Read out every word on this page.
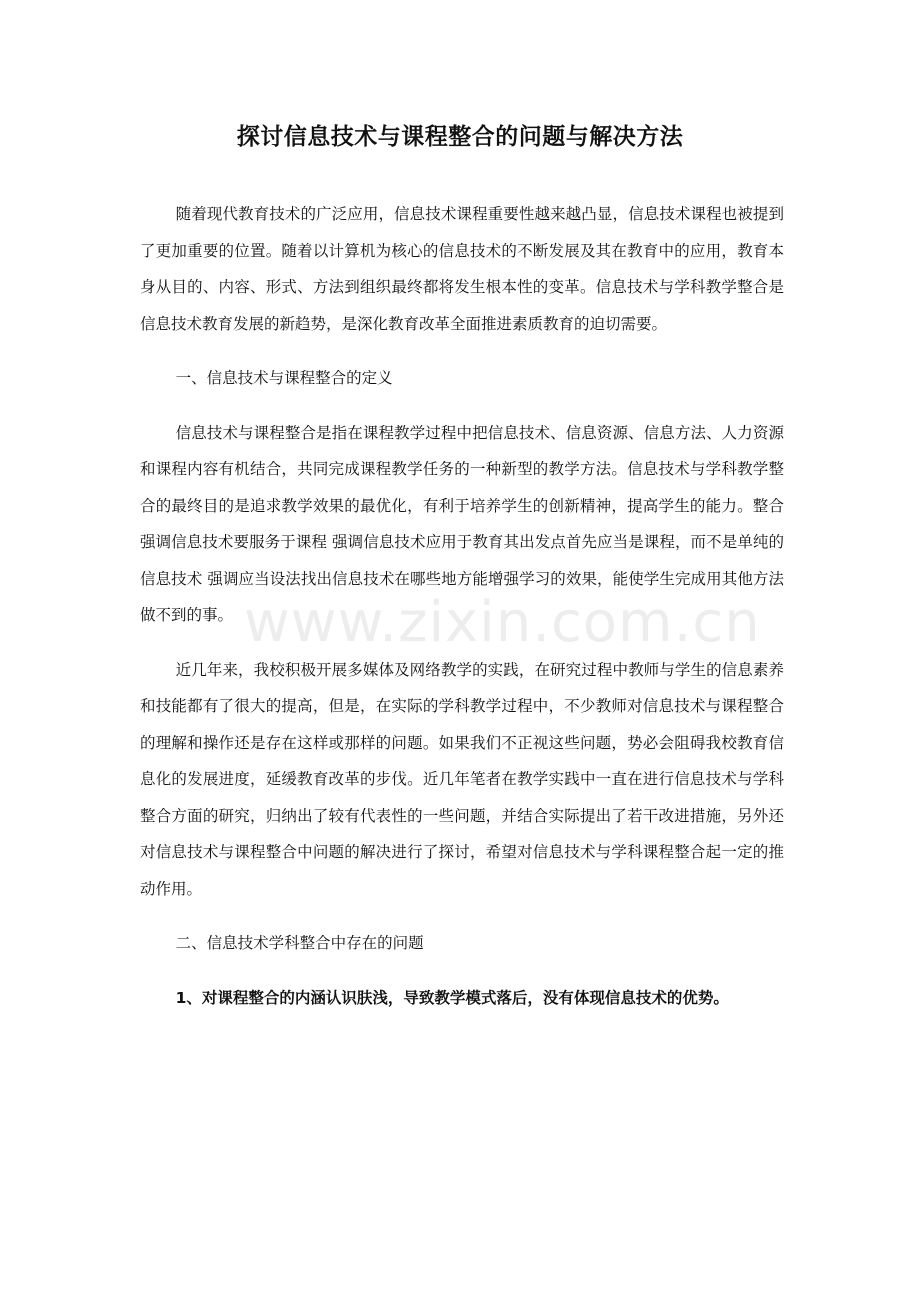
探讨信息技术与课程整合的问题与解决方法

随着现代教育技术的广泛应用，信息技术课程重要性越来越凸显，信息技术课程也被提到了更加重要的位置。随着以计算机为核心的信息技术的不断发展及其在教育中的应用，教育本身从目的、内容、形式、方法到组织最终都将发生根本性的变革。信息技术与学科教学整合是信息技术教育发展的新趋势，是深化教育改革全面推进素质教育的迫切需要。

一、信息技术与课程整合的定义

信息技术与课程整合是指在课程教学过程中把信息技术、信息资源、信息方法、人力资源和课程内容有机结合，共同完成课程教学任务的一种新型的教学方法。信息技术与学科教学整合的最终目的是追求教学效果的最优化，有利于培养学生的创新精神，提高学生的能力。整合强调信息技术要服务于课程 强调信息技术应用于教育其出发点首先应当是课程，而不是单纯的信息技术 强调应当设法找出信息技术在哪些地方能增强学习的效果，能使学生完成用其他方法做不到的事。

近几年来，我校积极开展多媒体及网络教学的实践，在研究过程中教师与学生的信息素养和技能都有了很大的提高，但是，在实际的学科教学过程中，不少教师对信息技术与课程整合的理解和操作还是存在这样或那样的问题。如果我们不正视这些问题，势必会阻碍我校教育信息化的发展进度，延缓教育改革的步伐。近几年笔者在教学实践中一直在进行信息技术与学科整合方面的研究，归纳出了较有代表性的一些问题，并结合实际提出了若干改进措施，另外还对信息技术与课程整合中问题的解决进行了探讨，希望对信息技术与学科课程整合起一定的推动作用。

二、信息技术学科整合中存在的问题

1、对课程整合的内涵认识肤浅，导致教学模式落后，没有体现信息技术的优势。

www.zixin.com.cn
